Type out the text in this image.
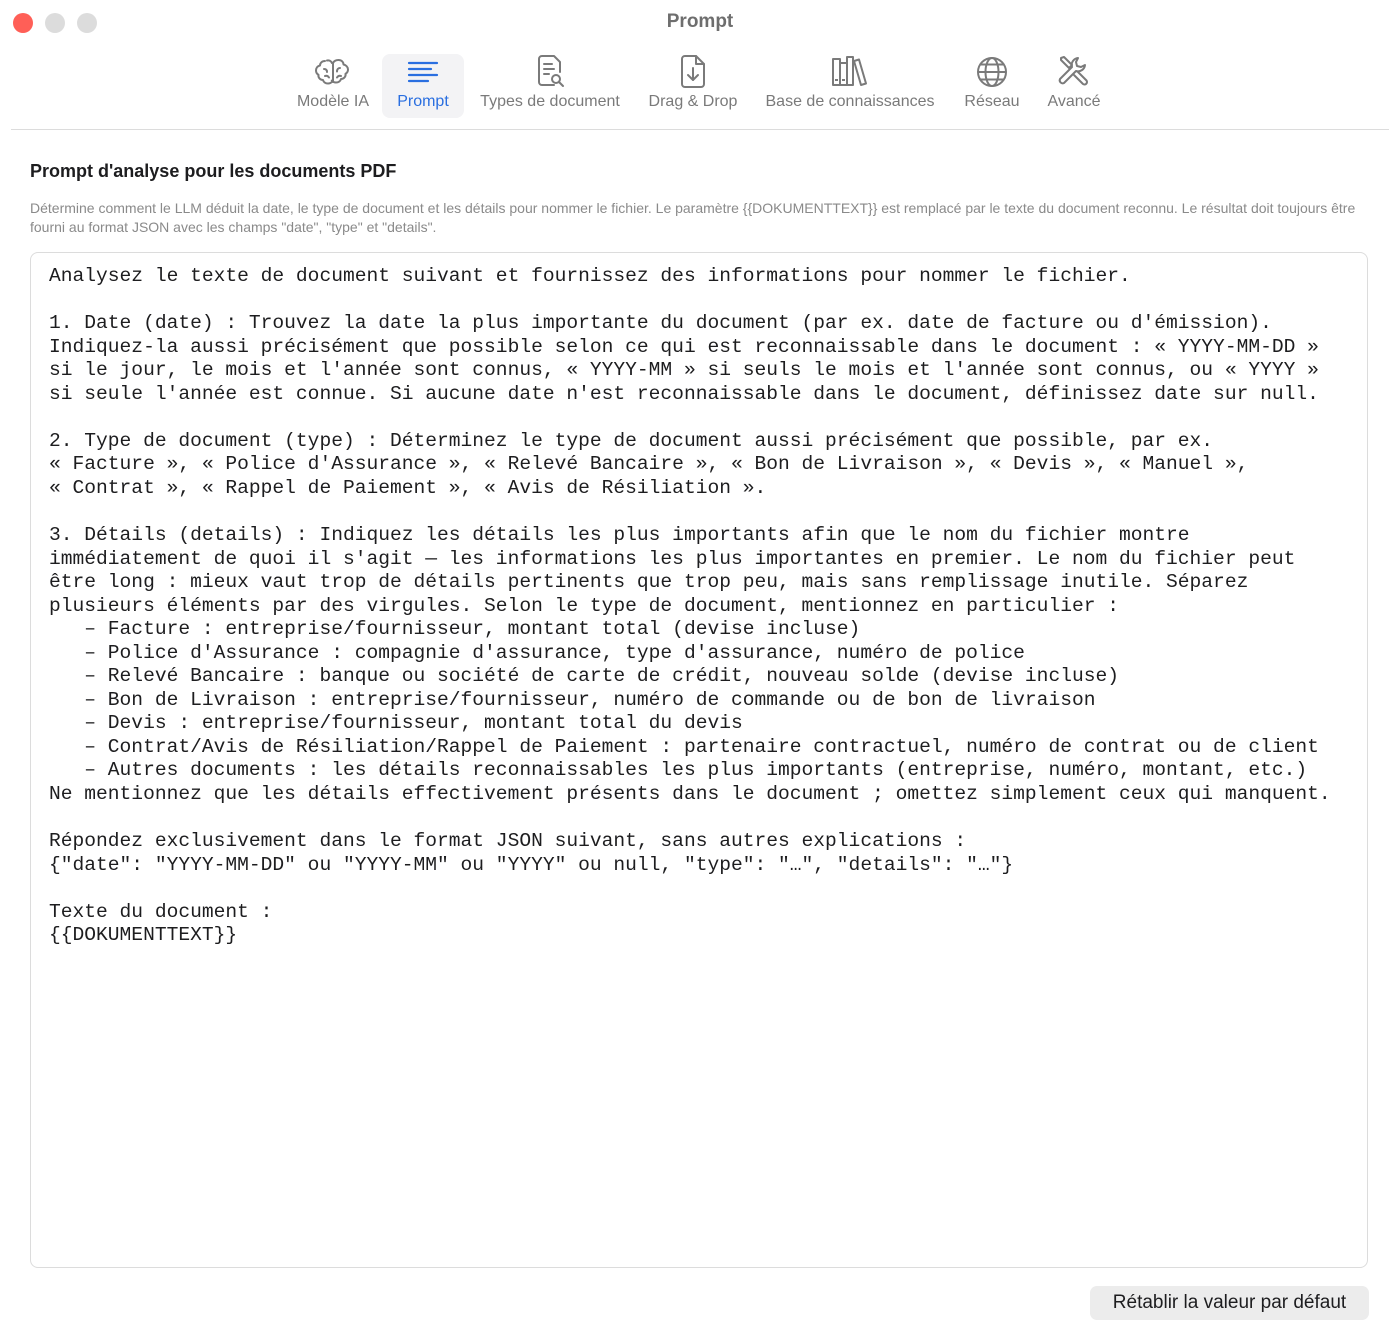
Prompt
Modèle IA Prompt Types de document Drag & Drop Base de connaissances Réseau Avancé
Prompt d'analyse pour les documents PDF
Détermine comment le LLM déduit la date, le type de document et les détails pour nommer le fichier. Le paramètre {{DOKUMENTTEXT}} est remplacé par le texte du document reconnu. Le résultat doit toujours être fourni au format JSON avec les champs "date", "type" et "details".
Analysez le texte de document suivant et fournissez des informations pour nommer le fichier.

1. Date (date) : Trouvez la date la plus importante du document (par ex. date de facture ou d'émission).
Indiquez-la aussi précisément que possible selon ce qui est reconnaissable dans le document : « YYYY-MM-DD »
si le jour, le mois et l'année sont connus, « YYYY-MM » si seuls le mois et l'année sont connus, ou « YYYY »
si seule l'année est connue. Si aucune date n'est reconnaissable dans le document, définissez date sur null.

2. Type de document (type) : Déterminez le type de document aussi précisément que possible, par ex.
« Facture », « Police d'Assurance », « Relevé Bancaire », « Bon de Livraison », « Devis », « Manuel »,
« Contrat », « Rappel de Paiement », « Avis de Résiliation ».

3. Détails (details) : Indiquez les détails les plus importants afin que le nom du fichier montre
immédiatement de quoi il s'agit — les informations les plus importantes en premier. Le nom du fichier peut
être long : mieux vaut trop de détails pertinents que trop peu, mais sans remplissage inutile. Séparez
plusieurs éléments par des virgules. Selon le type de document, mentionnez en particulier :
– Facture : entreprise/fournisseur, montant total (devise incluse)
– Police d'Assurance : compagnie d'assurance, type d'assurance, numéro de police
– Relevé Bancaire : banque ou société de carte de crédit, nouveau solde (devise incluse)
– Bon de Livraison : entreprise/fournisseur, numéro de commande ou de bon de livraison
– Devis : entreprise/fournisseur, montant total du devis
– Contrat/Avis de Résiliation/Rappel de Paiement : partenaire contractuel, numéro de contrat ou de client
– Autres documents : les détails reconnaissables les plus importants (entreprise, numéro, montant, etc.)
Ne mentionnez que les détails effectivement présents dans le document ; omettez simplement ceux qui manquent.

Répondez exclusivement dans le format JSON suivant, sans autres explications :
{"date": "YYYY-MM-DD" ou "YYYY-MM" ou "YYYY" ou null, "type": "…", "details": "…"}

Texte du document :
{{DOKUMENTTEXT}}
Rétablir la valeur par défaut
